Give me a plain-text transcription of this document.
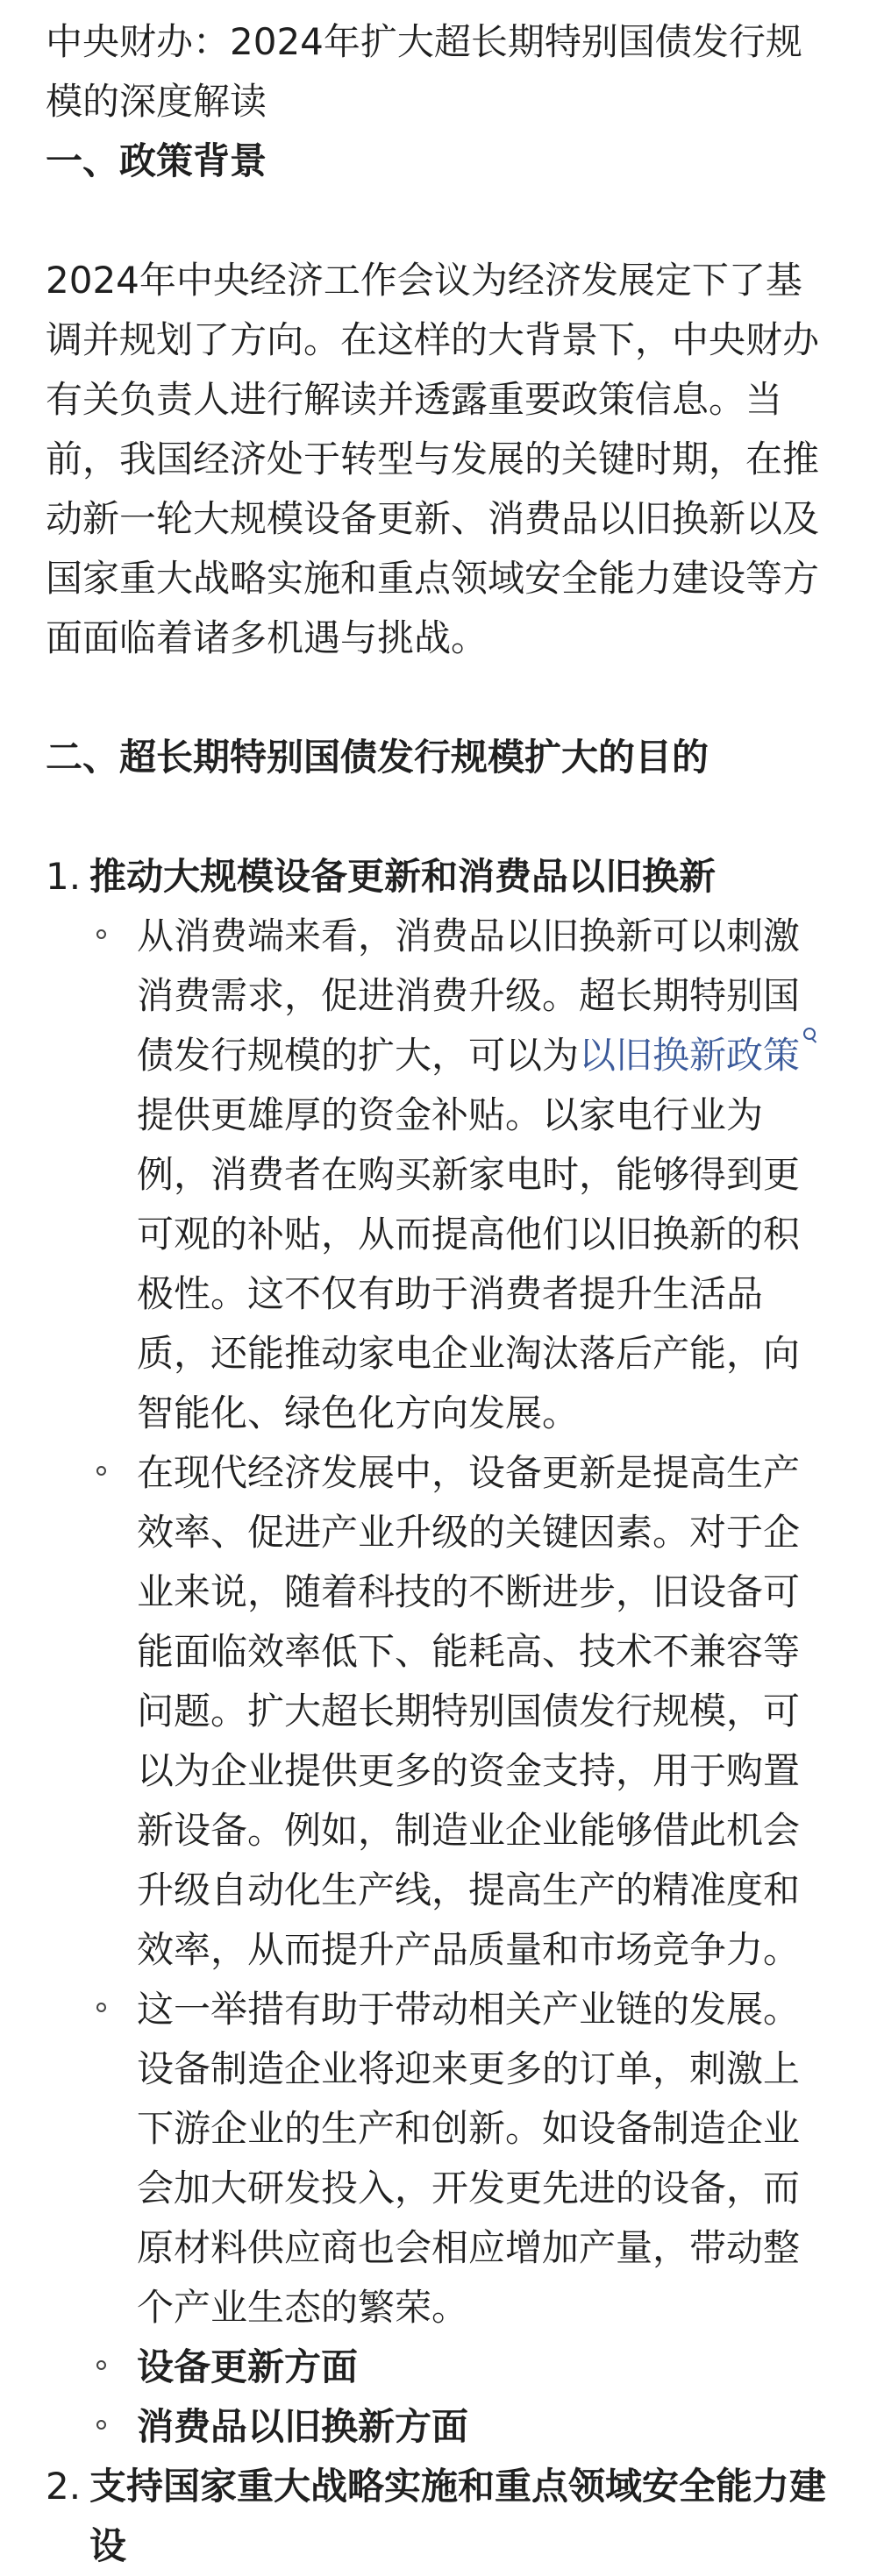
中央财办：2024年扩大超长期特别国债发行规模的深度解读
一、政策背景

2024年中央经济工作会议为经济发展定下了基调并规划了方向。在这样的大背景下，中央财办有关负责人进行解读并透露重要政策信息。当前，我国经济处于转型与发展的关键时期，在推动新一轮大规模设备更新、消费品以旧换新以及国家重大战略实施和重点领域安全能力建设等方面面临着诸多机遇与挑战。

二、超长期特别国债发行规模扩大的目的
1. 推动大规模设备更新和消费品以旧换新
从消费端来看，消费品以旧换新可以刺激消费需求，促进消费升级。超长期特别国债发行规模的扩大，可以为以旧换新政策提供更雄厚的资金补贴。以家电行业为例，消费者在购买新家电时，能够得到更可观的补贴，从而提高他们以旧换新的积极性。这不仅有助于消费者提升生活品质，还能推动家电企业淘汰落后产能，向智能化、绿色化方向发展。
在现代经济发展中，设备更新是提高生产效率、促进产业升级的关键因素。对于企业来说，随着科技的不断进步，旧设备可能面临效率低下、能耗高、技术不兼容等问题。扩大超长期特别国债发行规模，可以为企业提供更多的资金支持，用于购置新设备。例如，制造业企业能够借此机会升级自动化生产线，提高生产的精准度和效率，从而提升产品质量和市场竞争力。
这一举措有助于带动相关产业链的发展。设备制造企业将迎来更多的订单，刺激上下游企业的生产和创新。如设备制造企业会加大研发投入，开发更先进的设备，而原材料供应商也会相应增加产量，带动整个产业生态的繁荣。
设备更新方面
消费品以旧换新方面
2. 支持国家重大战略实施和重点领域安全能力建设
